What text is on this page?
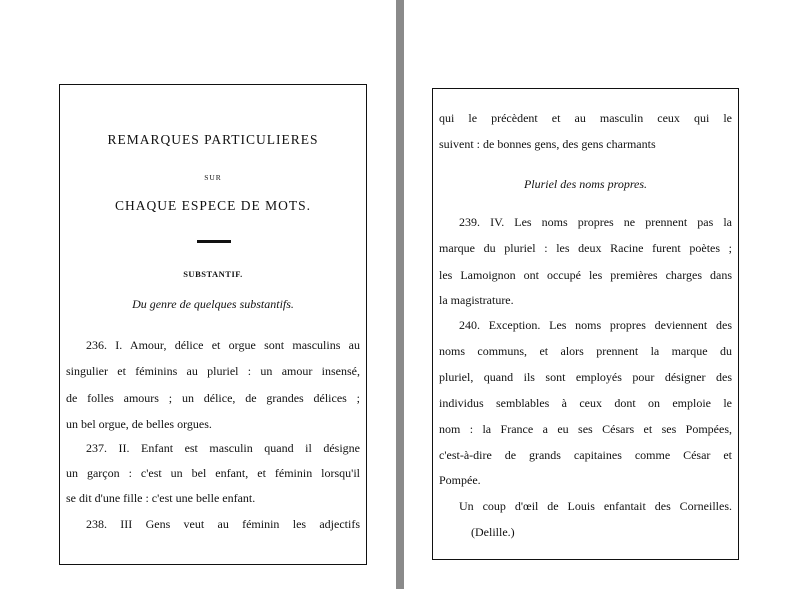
REMARQUES PARTICULIERES
SUR
CHAQUE ESPECE DE MOTS.
SUBSTANTIF.
Du genre de quelques substantifs.
236. I. Amour, délice et orgue sont masculins au
singulier et féminins au pluriel : un amour insensé,
de folles amours ; un délice, de grandes délices ;
un bel orgue, de belles orgues.
237. II. Enfant est masculin quand il désigne
un garçon : c'est un bel enfant, et féminin lorsqu'il
se dit d'une fille : c'est une belle enfant.
238. III Gens veut au féminin les adjectifs
qui le précèdent et au masculin ceux qui le
suivent : de bonnes gens, des gens charmants
Pluriel des noms propres.
239. IV. Les noms propres ne prennent pas la
marque du pluriel : les deux Racine furent poètes ;
les Lamoignon ont occupé les premières charges dans
la magistrature.
240. Exception. Les noms propres deviennent des
noms communs, et alors prennent la marque du
pluriel, quand ils sont employés pour désigner des
individus semblables à ceux dont on emploie le
nom : la France a eu ses Césars et ses Pompées,
c'est-à-dire de grands capitaines comme César et
Pompée.
Un coup d'œil de Louis enfantait des Corneilles.
(Delille.)
